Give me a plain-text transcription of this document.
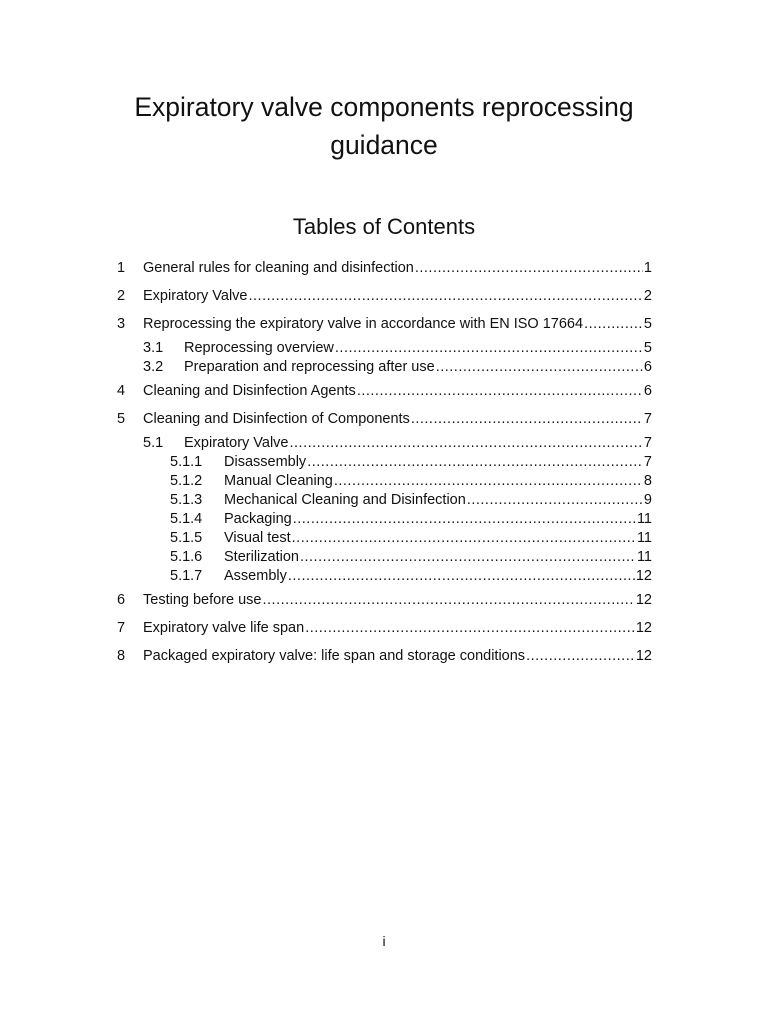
Expiratory valve components reprocessing guidance
Tables of Contents
1	General rules for cleaning and disinfection .....	1
2	Expiratory Valve .....	2
3	Reprocessing the expiratory valve in accordance with EN ISO 17664 .....	5
3.1	Reprocessing overview .....	5
3.2	Preparation and reprocessing after use .....	6
4	Cleaning and Disinfection Agents .....	6
5	Cleaning and Disinfection of Components .....	7
5.1	Expiratory Valve .....	7
5.1.1	Disassembly .....	7
5.1.2	Manual Cleaning .....	8
5.1.3	Mechanical Cleaning and Disinfection .....	9
5.1.4	Packaging .....	11
5.1.5	Visual test .....	11
5.1.6	Sterilization .....	11
5.1.7	Assembly .....	12
6	Testing before use .....	12
7	Expiratory valve life span .....	12
8	Packaged expiratory valve: life span and storage conditions .....	12
i
